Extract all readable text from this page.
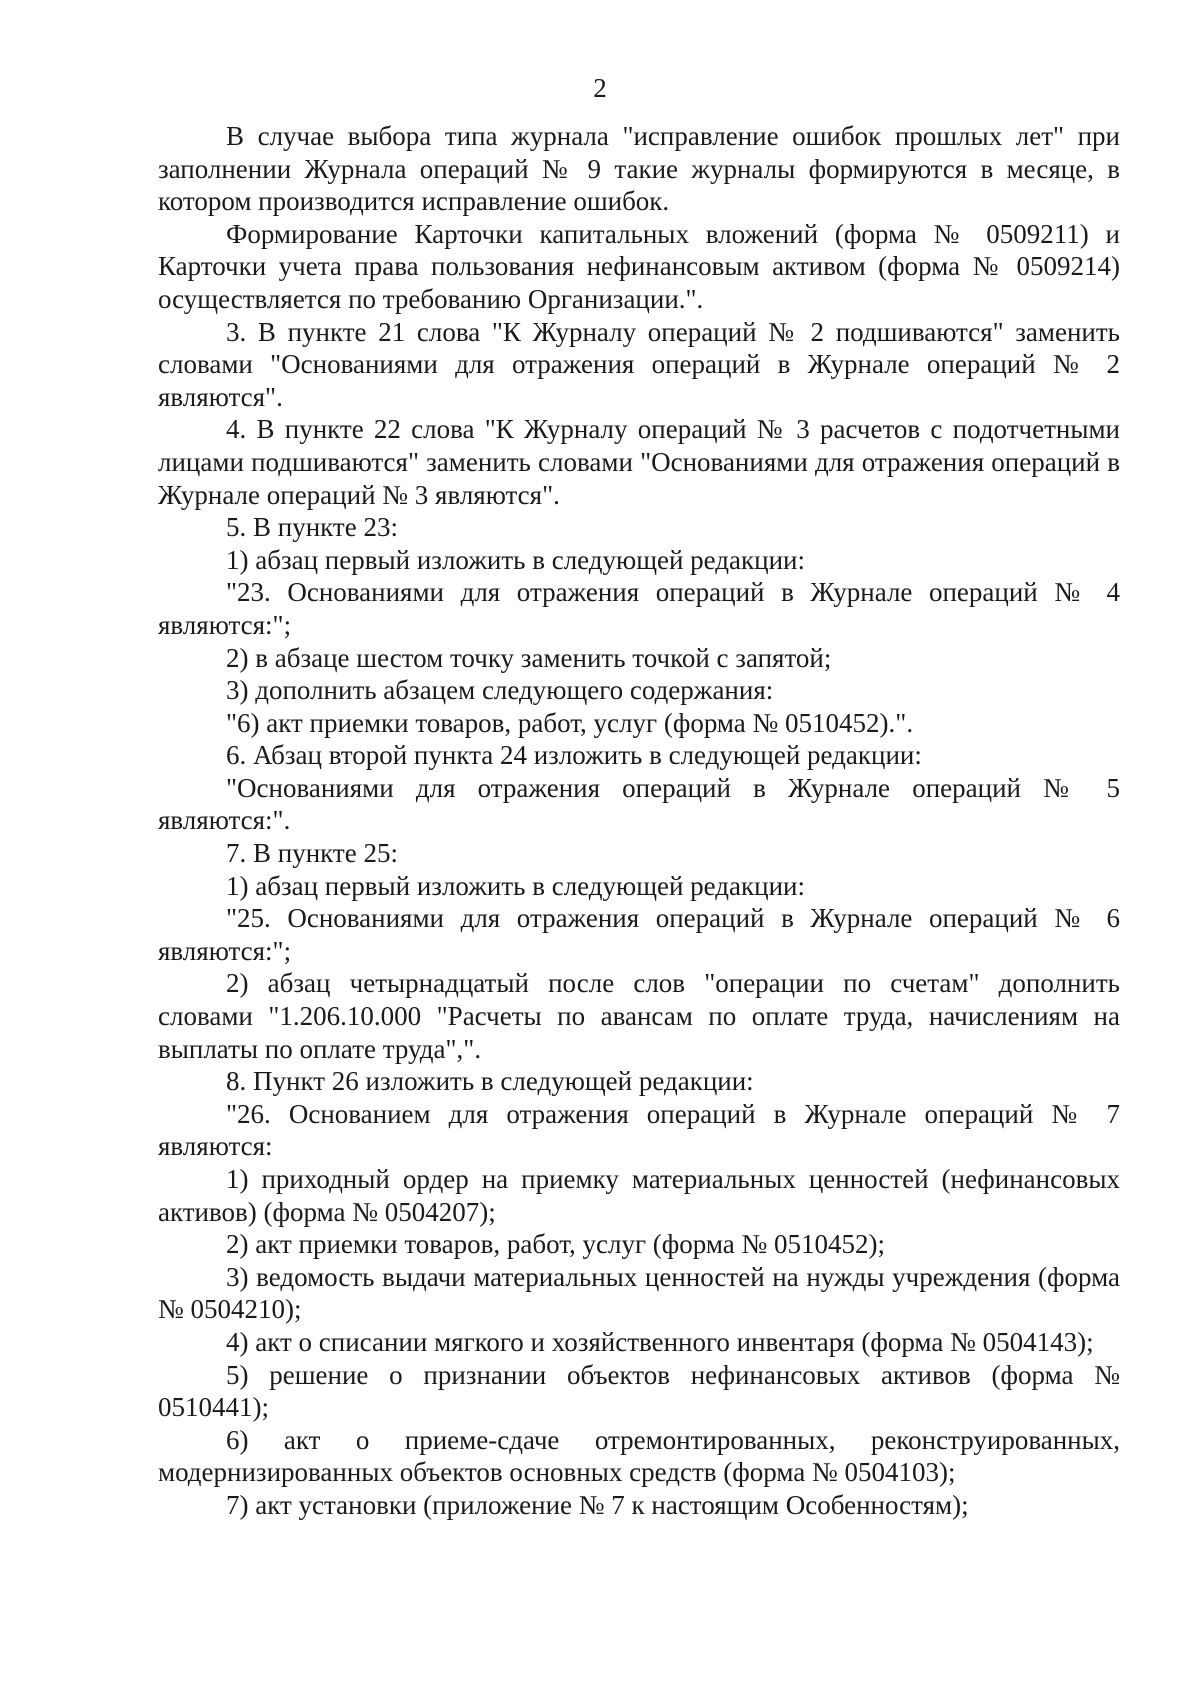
2

В случае выбора типа журнала "исправление ошибок прошлых лет" при заполнении Журнала операций № 9 такие журналы формируются в месяце, в котором производится исправление ошибок.

Формирование Карточки капитальных вложений (форма № 0509211) и Карточки учета права пользования нефинансовым активом (форма № 0509214) осуществляется по требованию Организации.".

3. В пункте 21 слова "К Журналу операций № 2 подшиваются" заменить словами "Основаниями для отражения операций в Журнале операций № 2 являются".

4. В пункте 22 слова "К Журналу операций № 3 расчетов с подотчетными лицами подшиваются" заменить словами "Основаниями для отражения операций в Журнале операций № 3 являются".

5. В пункте 23:

1) абзац первый изложить в следующей редакции:

"23. Основаниями для отражения операций в Журнале операций № 4 являются:";

2) в абзаце шестом точку заменить точкой с запятой;

3) дополнить абзацем следующего содержания:

"6) акт приемки товаров, работ, услуг (форма № 0510452).".

6. Абзац второй пункта 24 изложить в следующей редакции:

"Основаниями для отражения операций в Журнале операций № 5 являются:".

7. В пункте 25:

1) абзац первый изложить в следующей редакции:

"25. Основаниями для отражения операций в Журнале операций № 6 являются:";

2) абзац четырнадцатый после слов "операции по счетам" дополнить словами "1.206.10.000 "Расчеты по авансам по оплате труда, начислениям на выплаты по оплате труда",".

8. Пункт 26 изложить в следующей редакции:

"26. Основанием для отражения операций в Журнале операций № 7 являются:

1) приходный ордер на приемку материальных ценностей (нефинансовых активов) (форма № 0504207);

2) акт приемки товаров, работ, услуг (форма № 0510452);

3) ведомость выдачи материальных ценностей на нужды учреждения (форма № 0504210);

4) акт о списании мягкого и хозяйственного инвентаря (форма № 0504143);

5) решение о признании объектов нефинансовых активов (форма № 0510441);

6) акт о приеме-сдаче отремонтированных, реконструированных, модернизированных объектов основных средств (форма № 0504103);

7) акт установки (приложение № 7 к настоящим Особенностям);
